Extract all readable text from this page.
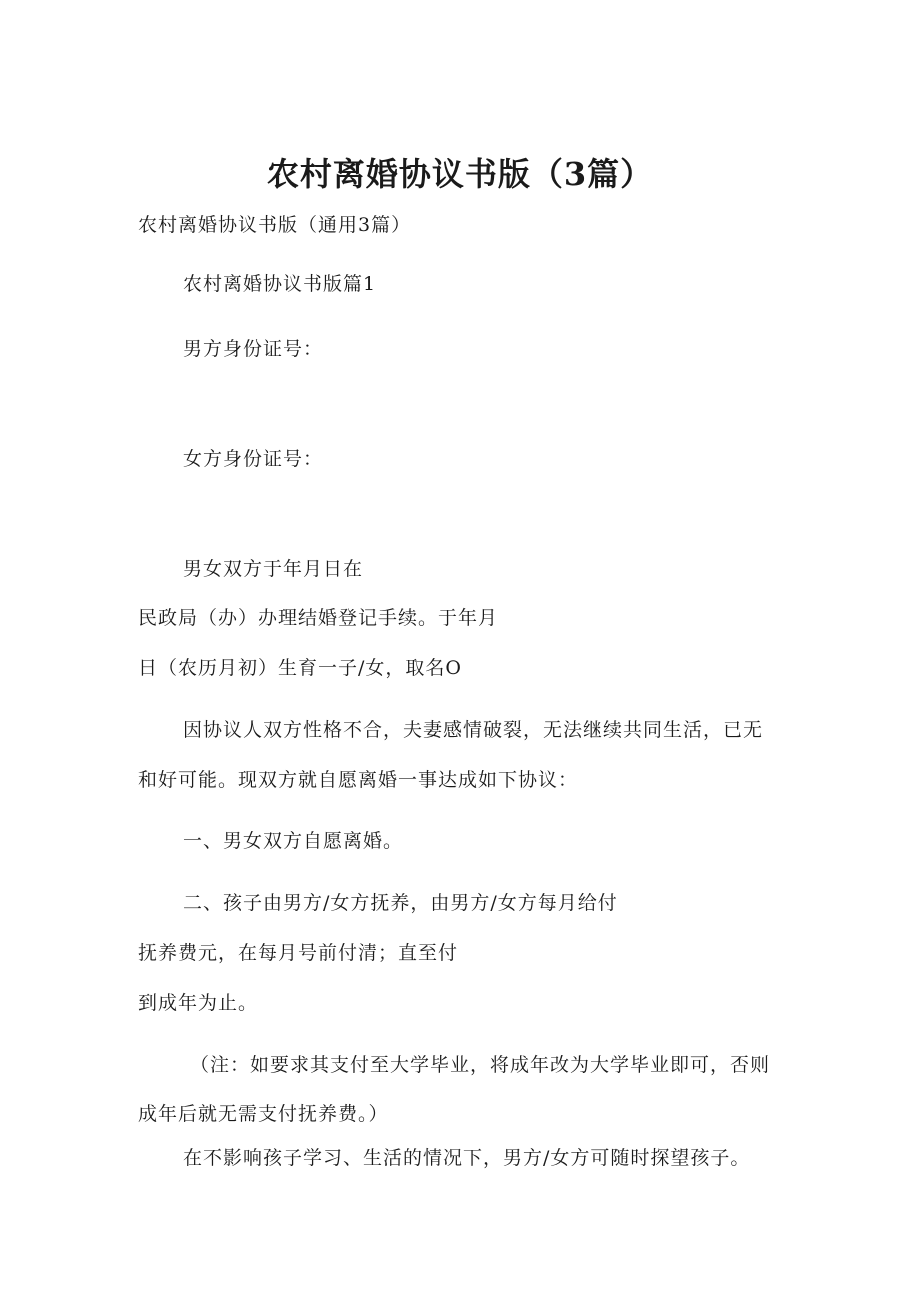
农村离婚协议书版（3篇）

农村离婚协议书版（通用3篇）

农村离婚协议书版篇1

男方身份证号：

女方身份证号：

男女双方于年月日在

民政局（办）办理结婚登记手续。于年月

日（农历月初）生育一子/女，取名O

因协议人双方性格不合，夫妻感情破裂，无法继续共同生活，已无

和好可能。现双方就自愿离婚一事达成如下协议：

一、男女双方自愿离婚。

二、孩子由男方/女方抚养，由男方/女方每月给付

抚养费元，在每月号前付清；直至付

到成年为止。

（注：如要求其支付至大学毕业，将成年改为大学毕业即可，否则

成年后就无需支付抚养费。）

在不影响孩子学习、生活的情况下，男方/女方可随时探望孩子。
